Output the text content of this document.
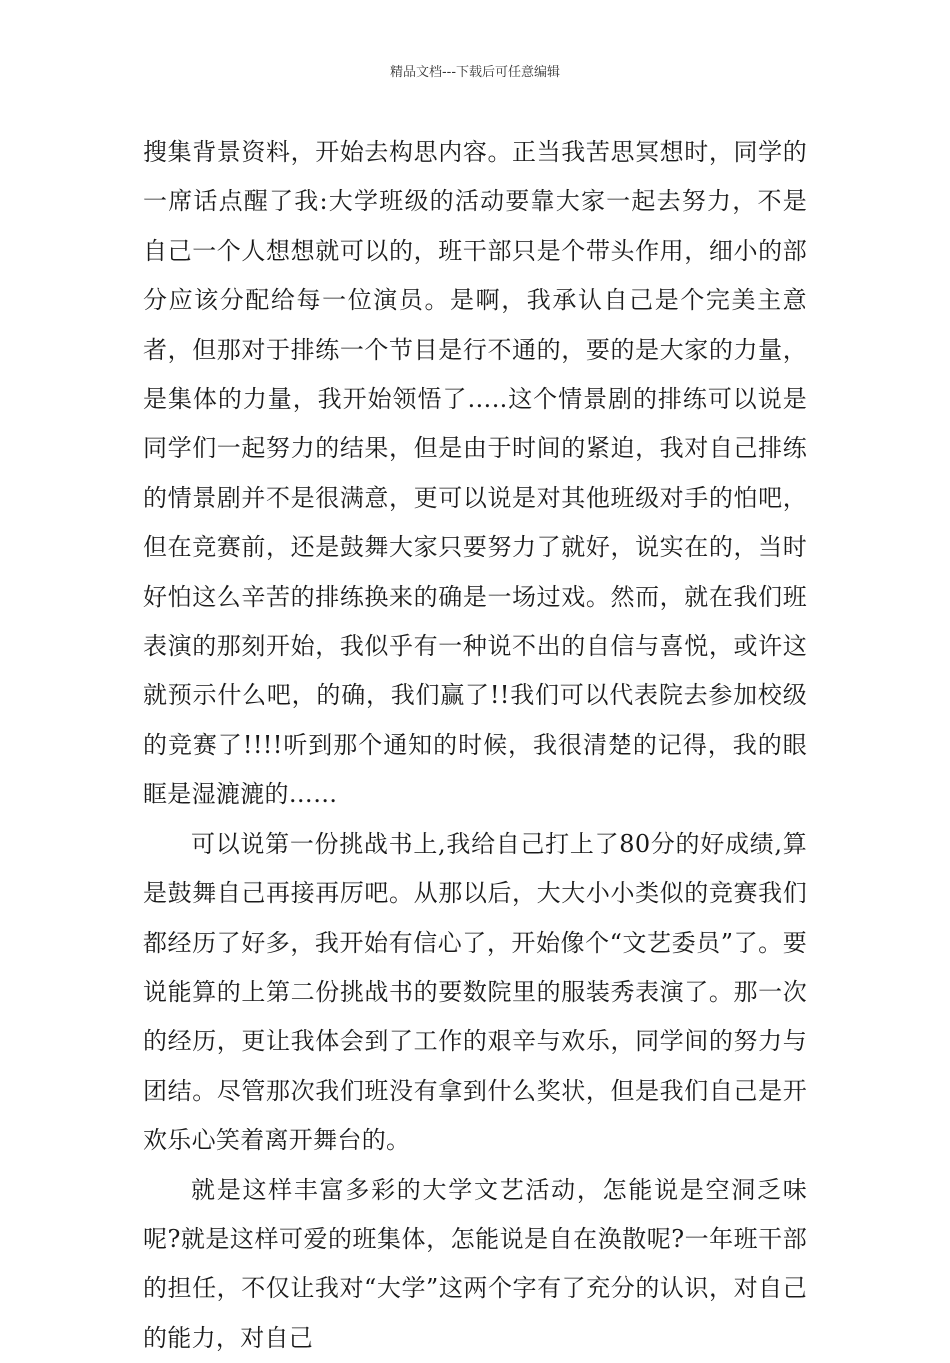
精品文档---下载后可任意编辑

搜集背景资料，开始去构思内容。正当我苦思冥想时，同学的一席话点醒了我:大学班级的活动要靠大家一起去努力，不是自己一个人想想就可以的，班干部只是个带头作用，细小的部分应该分配给每一位演员。是啊，我承认自己是个完美主意者，但那对于排练一个节目是行不通的，要的是大家的力量，是集体的力量，我开始领悟了…..这个情景剧的排练可以说是同学们一起努力的结果，但是由于时间的紧迫，我对自己排练的情景剧并不是很满意，更可以说是对其他班级对手的怕吧，但在竞赛前，还是鼓舞大家只要努力了就好，说实在的，当时好怕这么辛苦的排练换来的确是一场过戏。然而，就在我们班表演的那刻开始，我似乎有一种说不出的自信与喜悦，或许这就预示什么吧，的确，我们赢了!!我们可以代表院去参加校级的竞赛了!!!!听到那个通知的时候，我很清楚的记得，我的眼眶是湿漉漉的……

可以说第一份挑战书上,我给自己打上了80分的好成绩,算是鼓舞自己再接再厉吧。从那以后，大大小小类似的竞赛我们都经历了好多，我开始有信心了，开始像个“文艺委员”了。要说能算的上第二份挑战书的要数院里的服装秀表演了。那一次的经历，更让我体会到了工作的艰辛与欢乐，同学间的努力与团结。尽管那次我们班没有拿到什么奖状，但是我们自己是开欢乐心笑着离开舞台的。

就是这样丰富多彩的大学文艺活动，怎能说是空洞乏味呢?就是这样可爱的班集体，怎能说是自在涣散呢?一年班干部的担任，不仅让我对“大学”这两个字有了充分的认识，对自己的能力，对自己
